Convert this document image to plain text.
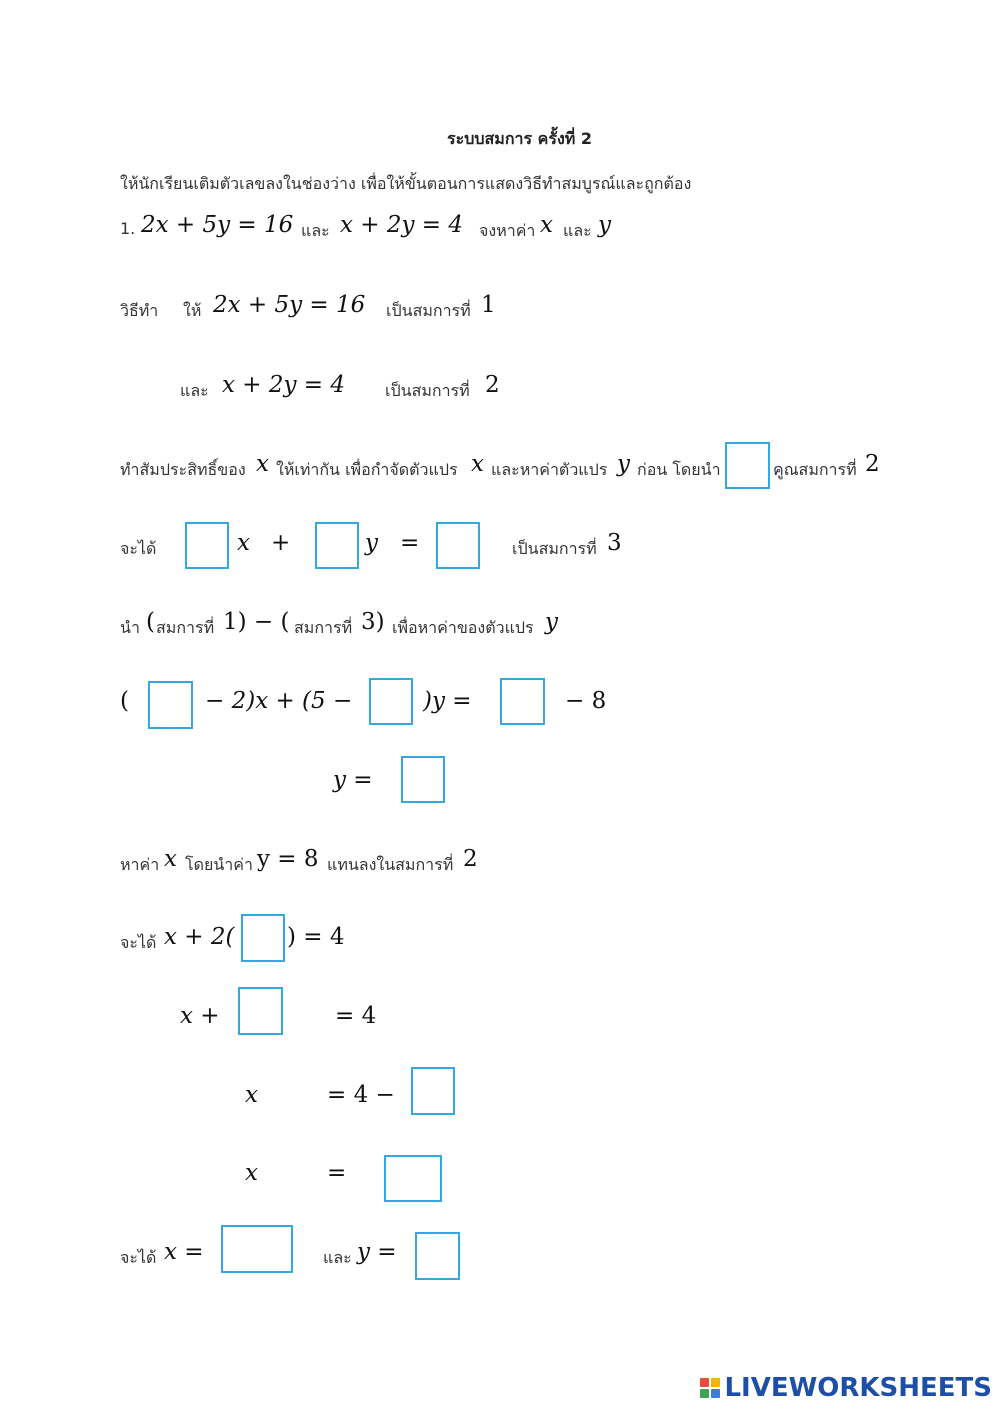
ระบบสมการ ครั้งที่ 2
ให้นักเรียนเติมตัวเลขลงในช่องว่าง เพื่อให้ขั้นตอนการแสดงวิธีทำสมบูรณ์และถูกต้อง
1. 2x + 5y = 16 และ x + 2y = 4 จงหาค่า x และ y
วิธีทำ ให้ 2x + 5y = 16 เป็นสมการที่ 1
และ x + 2y = 4 เป็นสมการที่ 2
ทำสัมประสิทธิ์ของ x ให้เท่ากัน เพื่อกำจัดตัวแปร x และหาค่าตัวแปร y ก่อน โดยนำ	คูณสมการที่ 2
จะได้	x +	y =	เป็นสมการที่ 3
นำ ( สมการที่ 1) − ( สมการที่ 3) เพื่อหาค่าของตัวแปร y
(	− 2)x + (5 −	)y =	− 8
y =
หาค่า x โดยนำค่า y = 8 แทนลงในสมการที่ 2
จะได้ x + 2( ) = 4
x +	= 4
x	= 4 −
x	=
จะได้ x =	และ y =
LIVEWORKSHEETS
